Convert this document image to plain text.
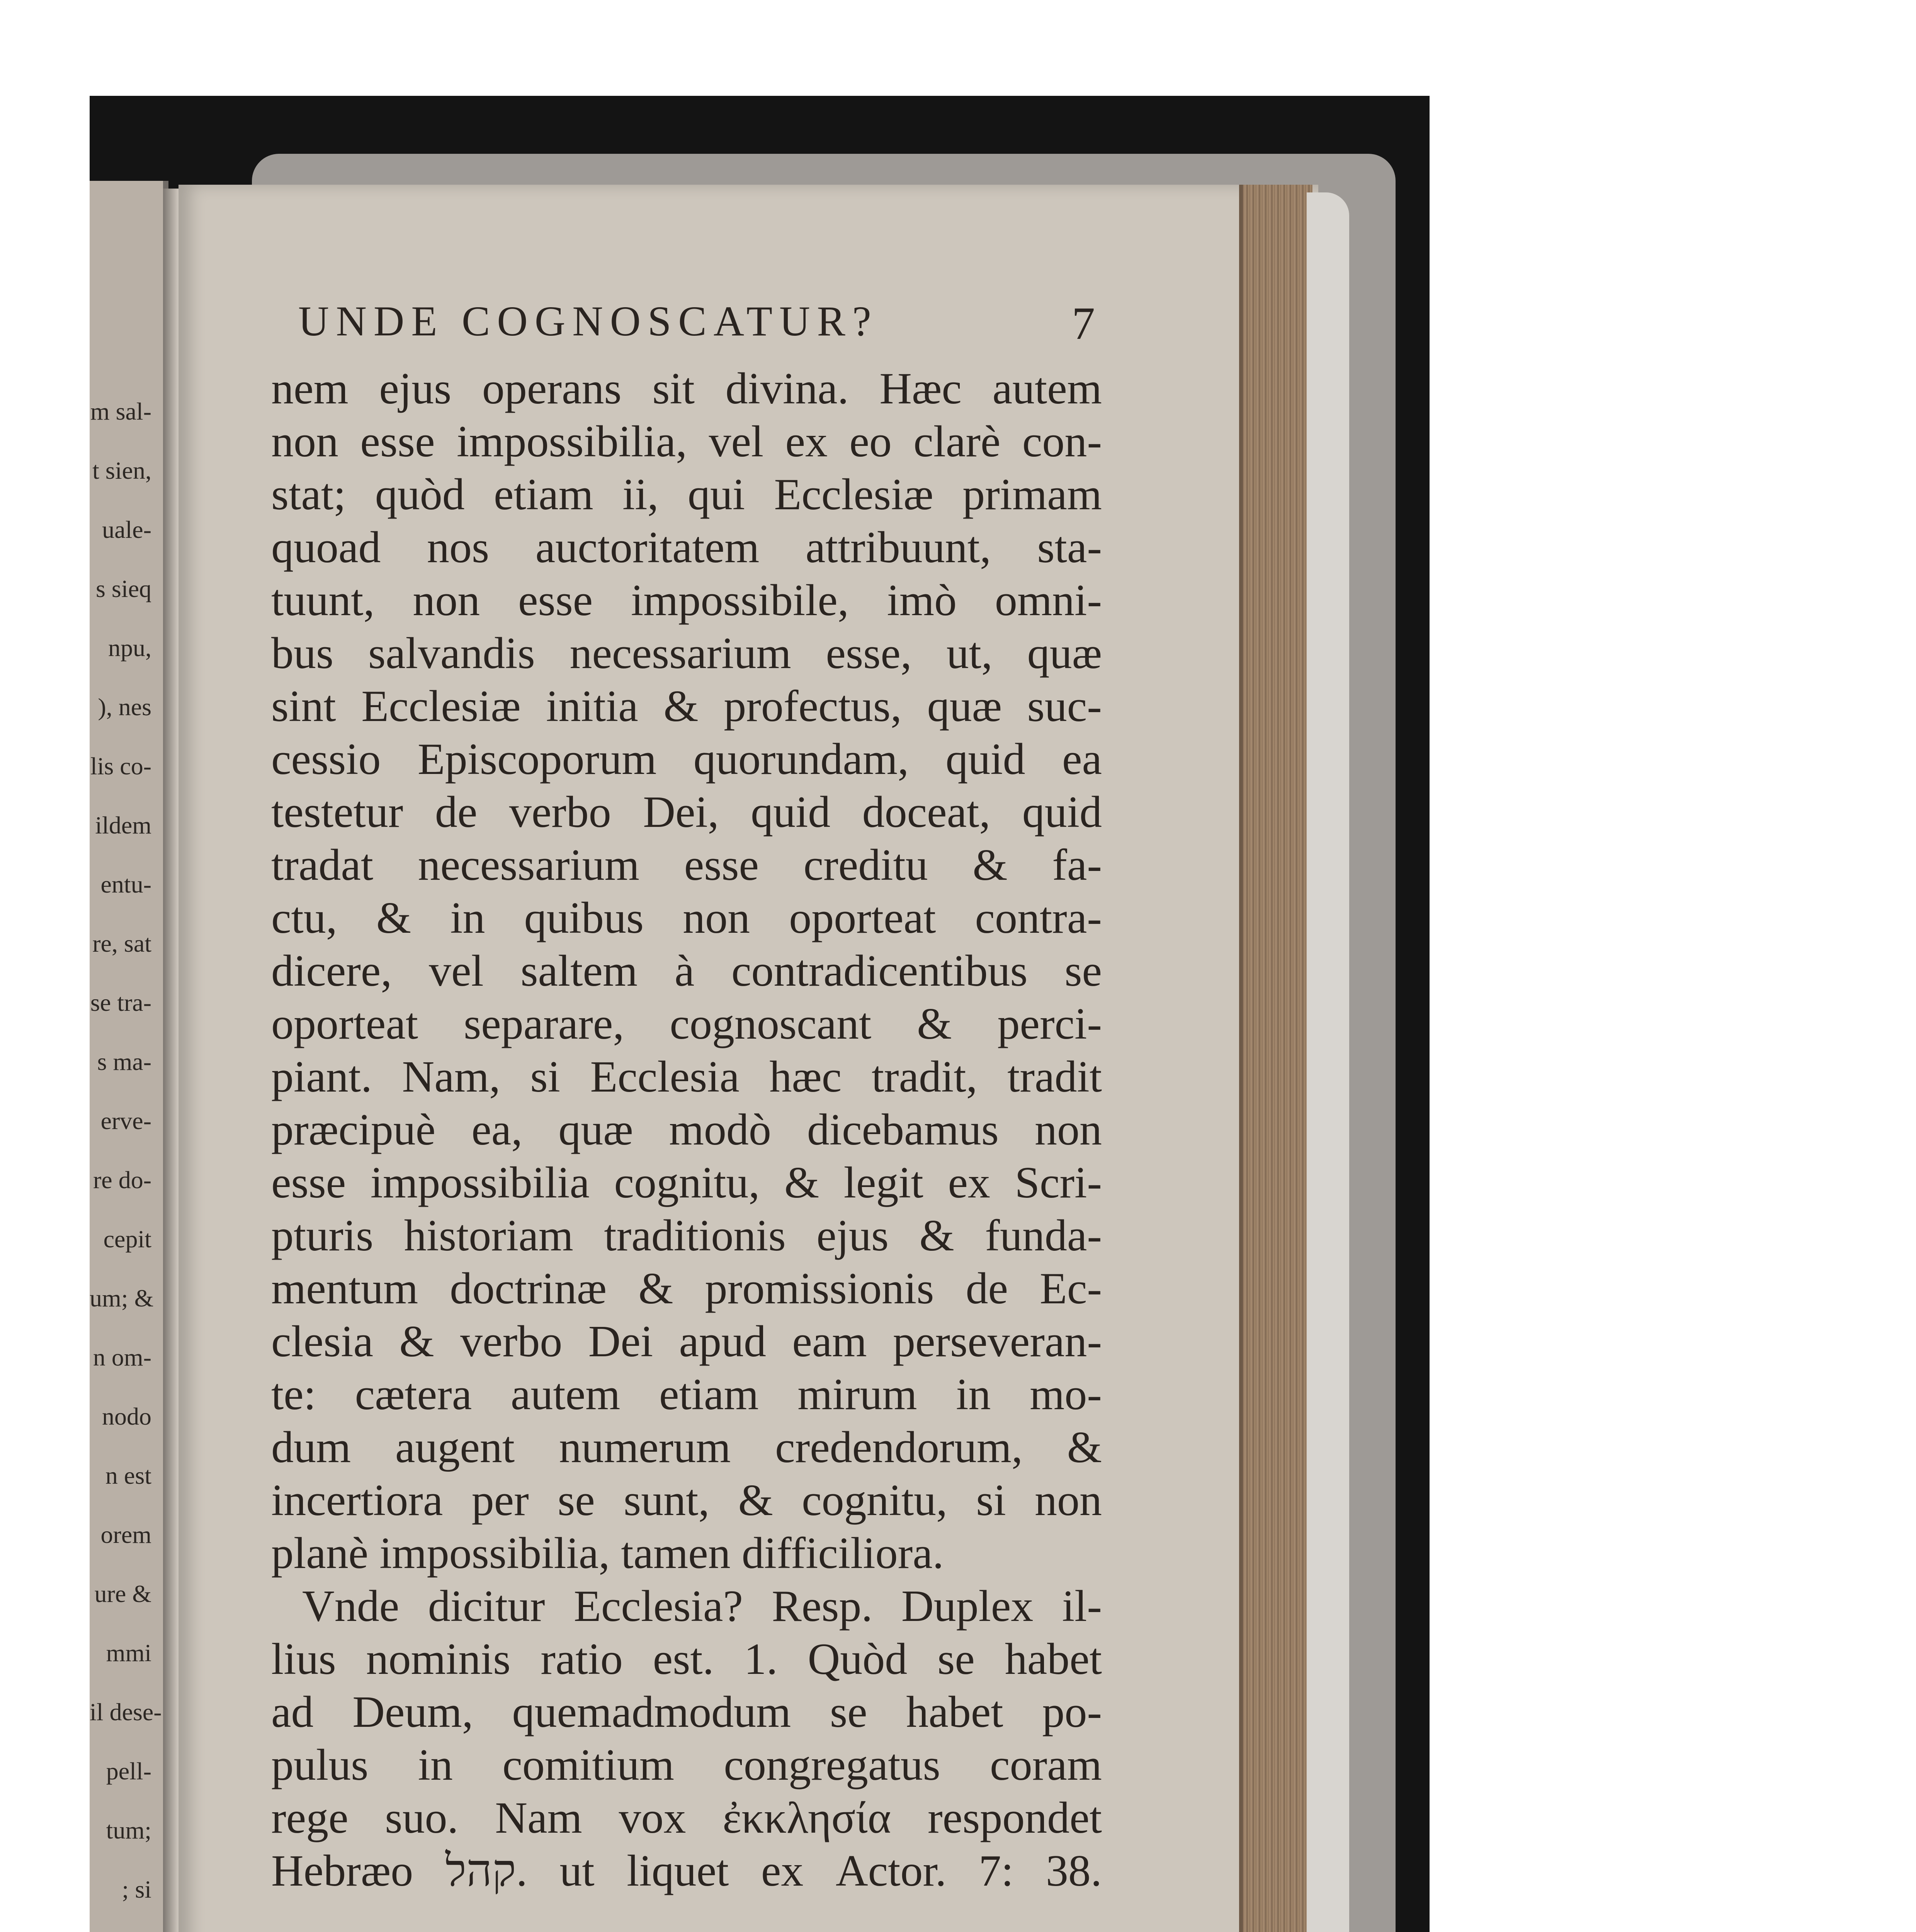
m sal-
t sien,
uale-
s sieq
npu,
), nes
lis co-
ildem
entu-
re, sat
se tra-
s ma-
erve-
re do-
cepit
um; &
n om-
nodo
n est
orem
ure &
mmi
il dese-
pell-
tum;
; si
UNDE COGNOSCATUR?	7
nem ejus operans sit divina. Hæc autem
non esse impossibilia, vel ex eo clarè con-
stat; quòd etiam ii, qui Ecclesiæ primam
quoad nos auctoritatem attribuunt, sta-
tuunt, non esse impossibile, imò omni-
bus salvandis necessarium esse, ut, quæ
sint Ecclesiæ initia & profectus, quæ suc-
cessio Episcoporum quorundam, quid ea
testetur de verbo Dei, quid doceat, quid
tradat necessarium esse creditu & fa-
ctu, & in quibus non oporteat contra-
dicere, vel saltem à contradicentibus se
oporteat separare, cognoscant & perci-
piant. Nam, si Ecclesia hæc tradit, tradit
præcipuè ea, quæ modò dicebamus non
esse impossibilia cognitu, & legit ex Scri-
pturis historiam traditionis ejus & funda-
mentum doctrinæ & promissionis de Ec-
clesia & verbo Dei apud eam perseveran-
te: cætera autem etiam mirum in mo-
dum augent numerum credendorum, &
incertiora per se sunt, & cognitu, si non
planè impossibilia, tamen difficiliora.
Vnde dicitur Ecclesia? Resp. Duplex il-
lius nominis ratio est. 1. Quòd se habet
ad Deum, quemadmodum se habet po-
pulus in comitium congregatus coram
rege suo. Nam vox ἐκκλησία respondet
Hebræo קהל. ut liquet ex Actor. 7: 38.
